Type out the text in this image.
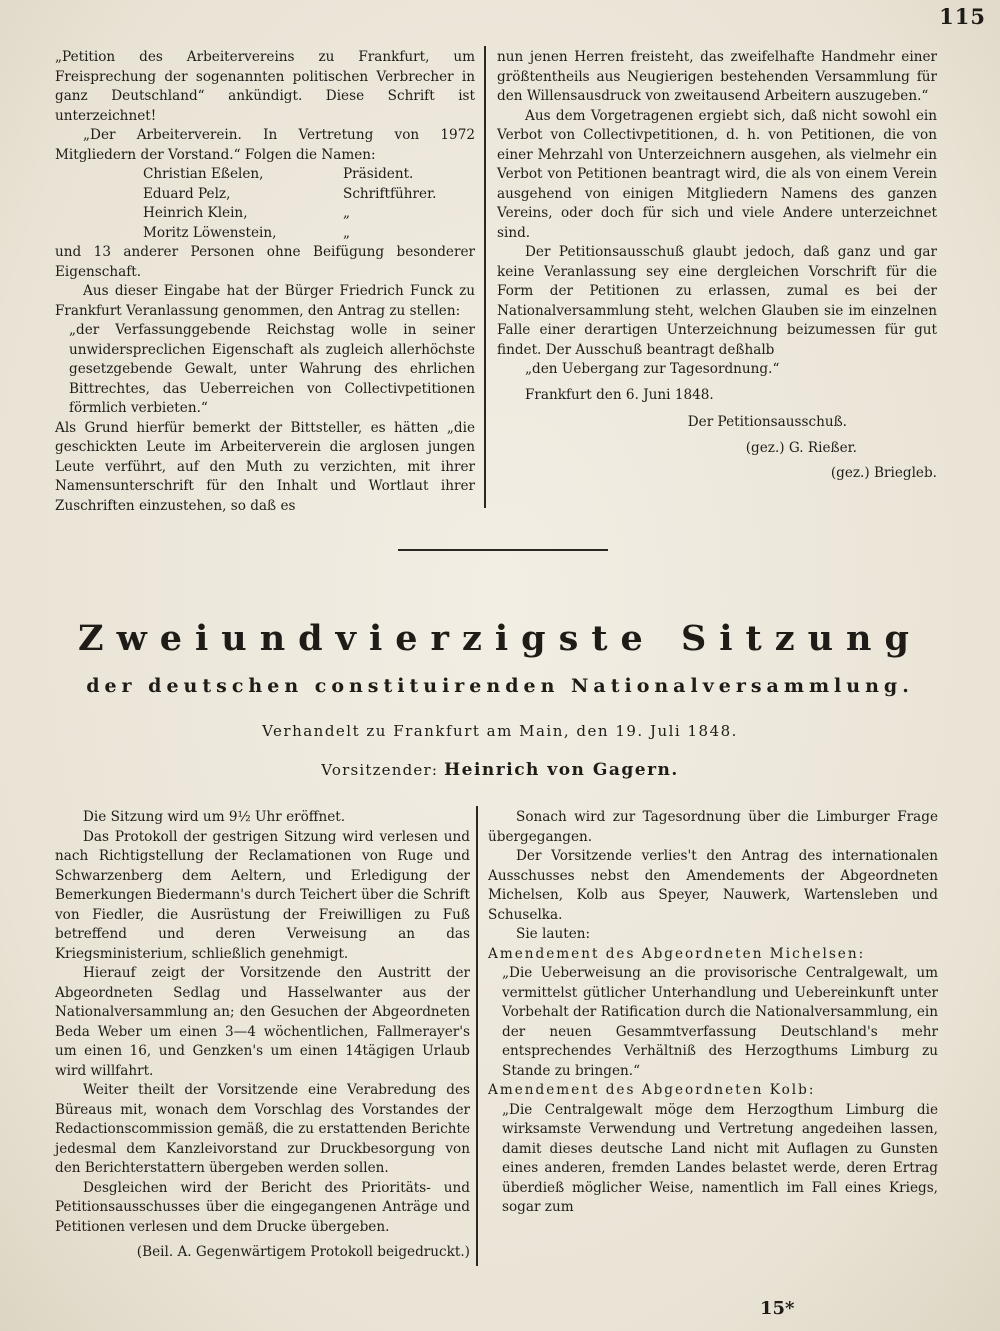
115

„Petition des Arbeitervereins zu Frankfurt, um Freisprechung der sogenannten politischen Verbrecher in ganz Deutschland“ ankündigt. Diese Schrift ist unterzeichnet!

„Der Arbeiterverein. In Vertretung von 1972 Mitgliedern der Vorstand.“ Folgen die Namen:

Christian Eßelen,	Präsident.
Eduard Pelz,	Schriftführer.
Heinrich Klein,	„
Moritz Löwenstein,	„

und 13 anderer Personen ohne Beifügung besonderer Eigenschaft.

Aus dieser Eingabe hat der Bürger Friedrich Funck zu Frankfurt Veranlassung genommen, den Antrag zu stellen:

„der Verfassunggebende Reichstag wolle in seiner unwiderspreclichen Eigenschaft als zugleich allerhöchste gesetzgebende Gewalt, unter Wahrung des ehrlichen Bittrechtes, das Ueberreichen von Collectivpetitionen förmlich verbieten.“

Als Grund hierfür bemerkt der Bittsteller, es hätten „die geschickten Leute im Arbeiterverein die arglosen jungen Leute verführt, auf den Muth zu verzichten, mit ihrer Namensunterschrift für den Inhalt und Wortlaut ihrer Zuschriften einzustehen, so daß es

nun jenen Herren freisteht, das zweifelhafte Handmehr einer größtentheils aus Neugierigen bestehenden Versammlung für den Willensausdruck von zweitausend Arbeitern auszugeben.“

Aus dem Vorgetragenen ergiebt sich, daß nicht sowohl ein Verbot von Collectivpetitionen, d. h. von Petitionen, die von einer Mehrzahl von Unterzeichnern ausgehen, als vielmehr ein Verbot von Petitionen beantragt wird, die als von einem Verein ausgehend von einigen Mitgliedern Namens des ganzen Vereins, oder doch für sich und viele Andere unterzeichnet sind.

Der Petitionsausschuß glaubt jedoch, daß ganz und gar keine Veranlassung sey eine dergleichen Vorschrift für die Form der Petitionen zu erlassen, zumal es bei der Nationalversammlung steht, welchen Glauben sie im einzelnen Falle einer derartigen Unterzeichnung beizumessen für gut findet. Der Ausschuß beantragt deßhalb

„den Uebergang zur Tagesordnung.“

Frankfurt den 6. Juni 1848.

Der Petitionsausschuß.

(gez.) G. Rießer.

(gez.) Briegleb.

Zweiundvierzigste Sitzung
der deutschen constituirenden Nationalversammlung.
Verhandelt zu Frankfurt am Main, den 19. Juli 1848.
Vorsitzender: Heinrich von Gagern.

Die Sitzung wird um 9½ Uhr eröffnet.

Das Protokoll der gestrigen Sitzung wird verlesen und nach Richtigstellung der Reclamationen von Ruge und Schwarzenberg dem Aeltern, und Erledigung der Bemerkungen Biedermann's durch Teichert über die Schrift von Fiedler, die Ausrüstung der Freiwilligen zu Fuß betreffend und deren Verweisung an das Kriegsministerium, schließlich genehmigt.

Hierauf zeigt der Vorsitzende den Austritt der Abgeordneten Sedlag und Hasselwanter aus der Nationalversammlung an; den Gesuchen der Abgeordneten Beda Weber um einen 3—4 wöchentlichen, Fallmerayer's um einen 16, und Genzken's um einen 14tägigen Urlaub wird willfahrt.

Weiter theilt der Vorsitzende eine Verabredung des Büreaus mit, wonach dem Vorschlag des Vorstandes der Redactionscommission gemäß, die zu erstattenden Berichte jedesmal dem Kanzleivorstand zur Druckbesorgung von den Berichterstattern übergeben werden sollen.

Desgleichen wird der Bericht des Prioritäts- und Petitionsausschusses über die eingegangenen Anträge und Petitionen verlesen und dem Drucke übergeben.

(Beil. A. Gegenwärtigem Protokoll beigedruckt.)

Sonach wird zur Tagesordnung über die Limburger Frage übergegangen.

Der Vorsitzende verlies't den Antrag des internationalen Ausschusses nebst den Amendements der Abgeordneten Michelsen, Kolb aus Speyer, Nauwerk, Wartensleben und Schuselka.

Sie lauten:

Amendement des Abgeordneten Michelsen:

„Die Ueberweisung an die provisorische Centralgewalt, um vermittelst gütlicher Unterhandlung und Uebereinkunft unter Vorbehalt der Ratification durch die Nationalversammlung, ein der neuen Gesammtverfassung Deutschland's mehr entsprechendes Verhältniß des Herzogthums Limburg zu Stande zu bringen.“

Amendement des Abgeordneten Kolb:

„Die Centralgewalt möge dem Herzogthum Limburg die wirksamste Verwendung und Vertretung angedeihen lassen, damit dieses deutsche Land nicht mit Auflagen zu Gunsten eines anderen, fremden Landes belastet werde, deren Ertrag überdieß möglicher Weise, namentlich im Fall eines Kriegs, sogar zum

15*
